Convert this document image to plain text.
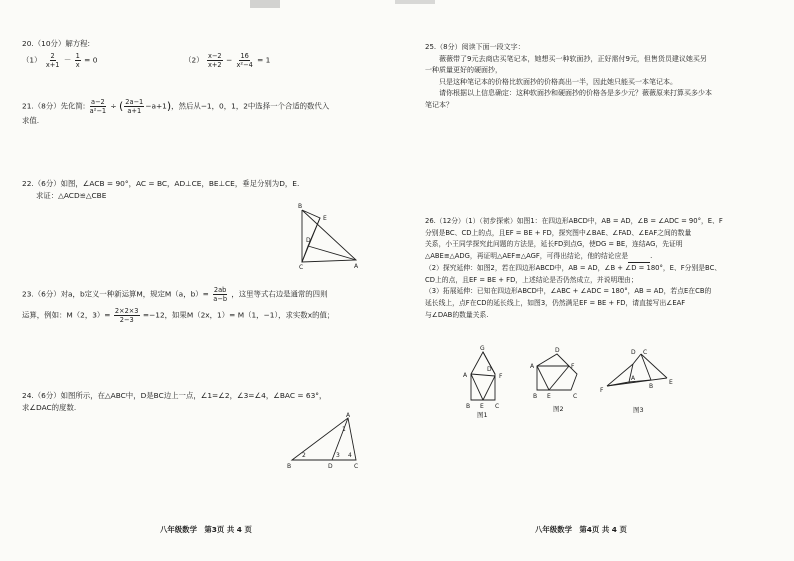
20.（10分）解方程:
$(1) \frac{2}{x+1} - \frac{1}{x} = 0$	$(2) \frac{x-2}{x+2} - \frac{16}{\text{x²−4}} = 1$
21.（8分）先化简: $\frac{a-2}{\text{a²−1}}$ ÷ ( $\frac{2a-1}{a+1} -a+1$)，然后从−1，0，1，2中选择一个合适的数代入
求值.
22.（6分）如图，∠ACB = 90°，AC = BC，AD⊥CE，BE⊥CE，垂足分别为D，E.
求证：△ACD≌△CBE
B
E
D
C	A
23.（6分）对a，b定义一种新运算M，规定M（a，$b)= \frac{2ab}{a-b}$ ，这里等式右边是通常的四则
运算，例如：M（2，$3)= \frac{2\times 2\times 3}{2-3} =-12$，如果M（2x，1）= M（1，−1），求实数x的值；
24.（6分）如图所示，在△ABC中，D是BC边上一点，∠1=∠2，∠3=∠4，∠BAC = 63°，
求∠DAC的度数.
A
B	D	C
1
2	3 4
八年级数学　第3页 共 4 页
25.（8分）阅读下面一段文字：
薇薇带了9元去商店买笔记本，她想买一种软面抄，正好需付9元，但售货员建议她买另
一种质量更好的硬面抄，
只是这种笔记本的价格比软面抄的价格高出一半，因此她只能买一本笔记本。
请你根据以上信息确定：这种软面抄和硬面抄的价格各是多少元？薇薇原来打算买多少本
笔记本？
26.（12分）（1）（初步探索）如图1：在四边形ABCD中，AB = AD，∠B = ∠ADC = 90°，E、F
分别是BC、CD上的点，且EF = BE + FD，探究图中∠BAE、∠FAD、∠EAF之间的数量
关系，小王同学探究此问题的方法是，延长FD到点G，使DG = BE，连结AG，先证明
△ABE≌△ADG，再证明△AEF≌△AGF，可得出结论，他的结论应是	.
（2）探究延伸：如图2，若在四边形ABCD中，AB = AD，∠B + ∠D = 180°，E、F分别是BC、
CD上的点，且EF = BE + FD，上述结论是否仍然成立，并说明理由；
（3）拓展延伸：已知在四边形ABCD中，∠ABC + ∠ADC = 180°，AB = AD，若点E在CB的
延长线上，点F在CD的延长线上，如图3，仍然满足EF = BE + FD，请直接写出∠EAF
与∠DAB的数量关系.
G
A
D
F
B E C
图1
A
D
F
B E	C
图2
D C
A
F
B
E
图3
八年级数学　第4页 共 4 页
